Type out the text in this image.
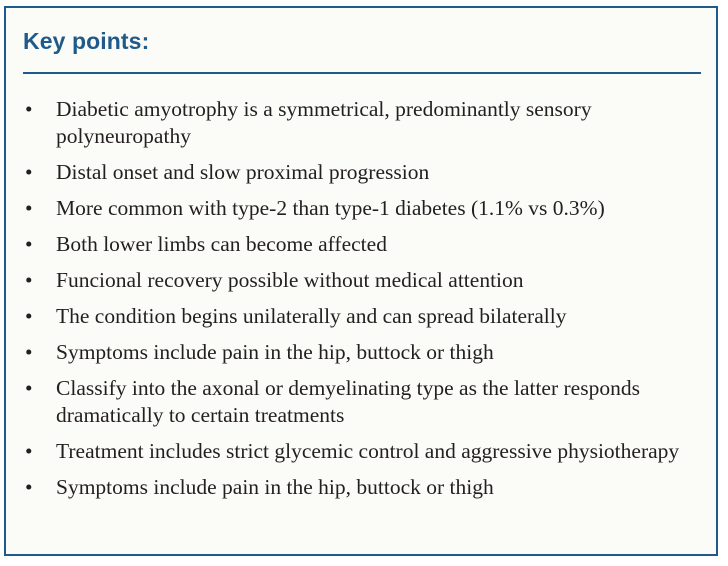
Key points:
• Diabetic amyotrophy is a symmetrical, predominantly sensory polyneuropathy
• Distal onset and slow proximal progression
• More common with type-2 than type-1 diabetes (1.1% vs 0.3%)
• Both lower limbs can become affected
• Funcional recovery possible without medical attention
• The condition begins unilaterally and can spread bilaterally
• Symptoms include pain in the hip, buttock or thigh
• Classify into the axonal or demyelinating type as the latter responds dramatically to certain treatments
• Treatment includes strict glycemic control and aggressive physiotherapy
• Symptoms include pain in the hip, buttock or thigh
